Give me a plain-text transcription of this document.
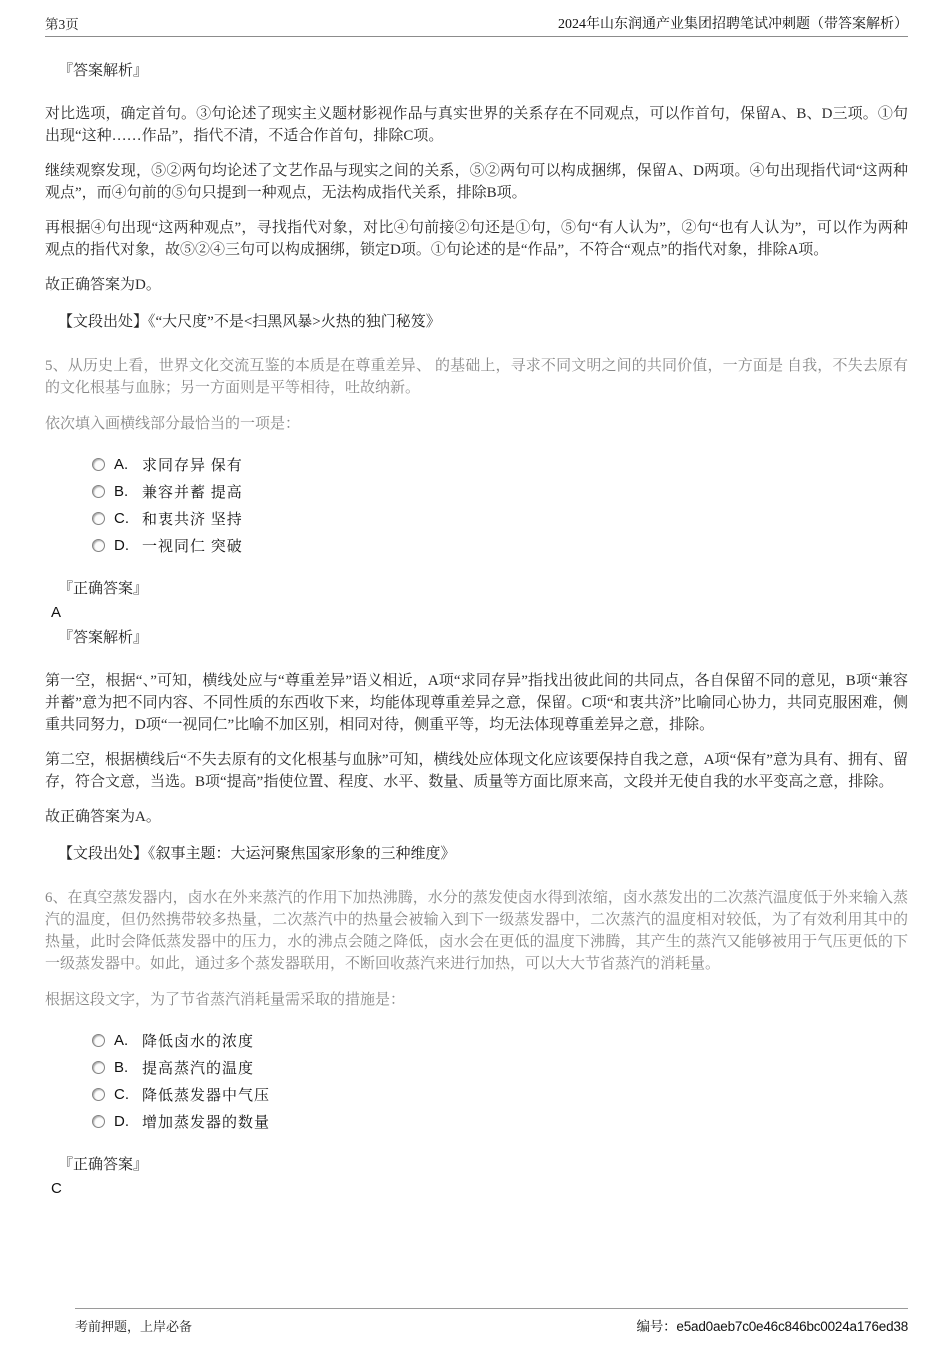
第3页	2024年山东润通产业集团招聘笔试冲刺题（带答案解析）

『答案解析』

对比选项，确定首句。③句论述了现实主义题材影视作品与真实世界的关系存在不同观点，可以作首句，保留A、B、D三项。①句出现“这种……作品”，指代不清，不适合作首句，排除C项。

继续观察发现，⑤②两句均论述了文艺作品与现实之间的关系，⑤②两句可以构成捆绑，保留A、D两项。④句出现指代词“这两种观点”，而④句前的⑤句只提到一种观点，无法构成指代关系，排除B项。

再根据④句出现“这两种观点”，寻找指代对象，对比④句前接②句还是①句，⑤句“有人认为”，②句“也有人认为”，可以作为两种观点的指代对象，故⑤②④三句可以构成捆绑，锁定D项。①句论述的是“作品”，不符合“观点”的指代对象，排除A项。

故正确答案为D。

【文段出处】《“大尺度”不是<扫黑风暴>火热的独门秘笈》

5、从历史上看，世界文化交流互鉴的本质是在尊重差异、 的基础上，寻求不同文明之间的共同价值，一方面是 自我，不失去原有的文化根基与血脉；另一方面则是平等相待，吐故纳新。

依次填入画横线部分最恰当的一项是：

A. 求同存异 保有
B. 兼容并蓄 提高
C. 和衷共济 坚持
D. 一视同仁 突破

『正确答案』

A

『答案解析』

第一空，根据“、”可知，横线处应与“尊重差异”语义相近，A项“求同存异”指找出彼此间的共同点，各自保留不同的意见，B项“兼容并蓄”意为把不同内容、不同性质的东西收下来，均能体现尊重差异之意，保留。C项“和衷共济”比喻同心协力，共同克服困难，侧重共同努力，D项“一视同仁”比喻不加区别，相同对待，侧重平等，均无法体现尊重差异之意，排除。

第二空，根据横线后“不失去原有的文化根基与血脉”可知，横线处应体现文化应该要保持自我之意，A项“保有”意为具有、拥有、留存，符合文意，当选。B项“提高”指使位置、程度、水平、数量、质量等方面比原来高，文段并无使自我的水平变高之意，排除。

故正确答案为A。

【文段出处】《叙事主题：大运河聚焦国家形象的三种维度》

6、在真空蒸发器内，卤水在外来蒸汽的作用下加热沸腾，水分的蒸发使卤水得到浓缩，卤水蒸发出的二次蒸汽温度低于外来输入蒸汽的温度，但仍然携带较多热量，二次蒸汽中的热量会被输入到下一级蒸发器中，二次蒸汽的温度相对较低，为了有效利用其中的热量，此时会降低蒸发器中的压力，水的沸点会随之降低，卤水会在更低的温度下沸腾，其产生的蒸汽又能够被用于气压更低的下一级蒸发器中。如此，通过多个蒸发器联用，不断回收蒸汽来进行加热，可以大大节省蒸汽的消耗量。

根据这段文字，为了节省蒸汽消耗量需采取的措施是：

A. 降低卤水的浓度
B. 提高蒸汽的温度
C. 降低蒸发器中气压
D. 增加蒸发器的数量

『正确答案』

C

考前押题，上岸必备	编号：e5ad0aeb7c0e46c846bc0024a176ed38
